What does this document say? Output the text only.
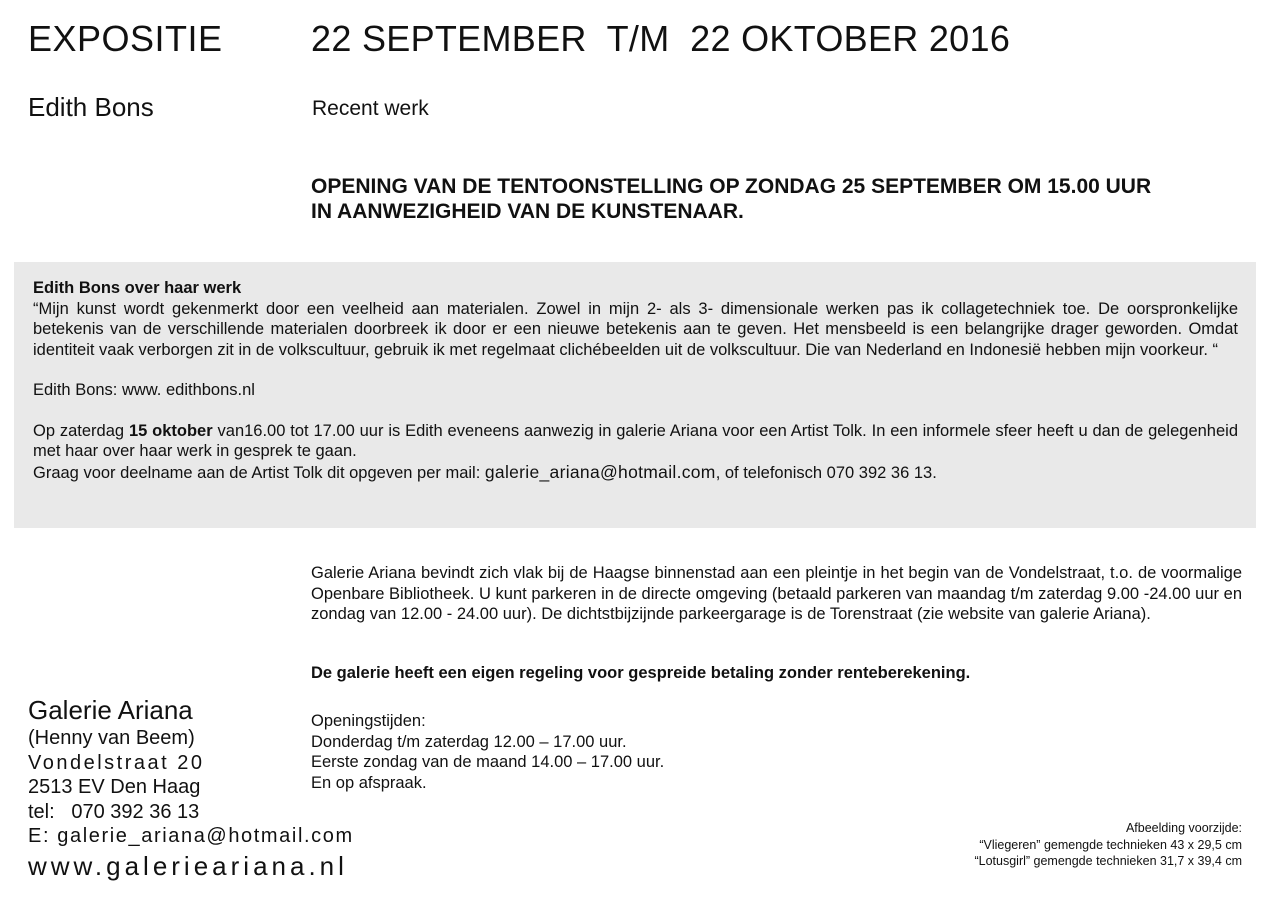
EXPOSITIE 22 SEPTEMBER  T/M  22 OKTOBER 2016
Edith Bons	Recent werk
OPENING VAN DE TENTOONSTELLING OP ZONDAG 25 SEPTEMBER OM 15.00 UUR
IN AANWEZIGHEID VAN DE KUNSTENAAR.

Edith Bons over haar werk

“Mijn kunst wordt gekenmerkt door een veelheid aan materialen. Zowel in mijn 2- als 3- dimensionale werken pas ik collagetechniek toe. De oorspronkelijke betekenis van de verschillende materialen doorbreek ik door er een nieuwe betekenis aan te geven. Het mensbeeld is een belangrijke drager geworden. Omdat identiteit vaak verborgen zit in de volkscultuur, gebruik ik met regelmaat clichébeelden uit de volkscultuur. Die van Nederland en Indonesië hebben mijn voorkeur. “

Edith Bons: www. edithbons.nl

Op zaterdag 15 oktober van16.00 tot 17.00 uur is Edith eveneens aanwezig in galerie Ariana voor een Artist Tolk. In een informele sfeer heeft u dan de gelegenheid met haar over haar werk in gesprek te gaan.

Graag voor deelname aan de Artist Tolk dit opgeven per mail: galerie_ariana@hotmail.com, of telefonisch 070 392 36 13.

Galerie Ariana bevindt zich vlak bij de Haagse binnenstad aan een pleintje in het begin van de Vondelstraat, t.o. de voormalige Openbare Bibliotheek. U kunt parkeren in de directe omgeving (betaald parkeren van maandag t/m zaterdag 9.00 -24.00 uur en zondag van 12.00 - 24.00 uur). De dichtstbijzijnde parkeergarage is de Torenstraat (zie website van galerie Ariana).
De galerie heeft een eigen regeling voor gespreide betaling zonder renteberekening.
Openingstijden:
Donderdag t/m zaterdag 12.00 – 17.00 uur.
Eerste zondag van de maand 14.00 – 17.00 uur.
En op afspraak.
Galerie Ariana
(Henny van Beem)
Vondelstraat 20
2513 EV Den Haag
tel:   070 392 36 13
E: galerie_ariana@hotmail.com
www.galerieariana.nl
Afbeelding voorzijde:
“Vliegeren” gemengde technieken 43 x 29,5 cm
“Lotusgirl” gemengde technieken 31,7 x 39,4 cm
